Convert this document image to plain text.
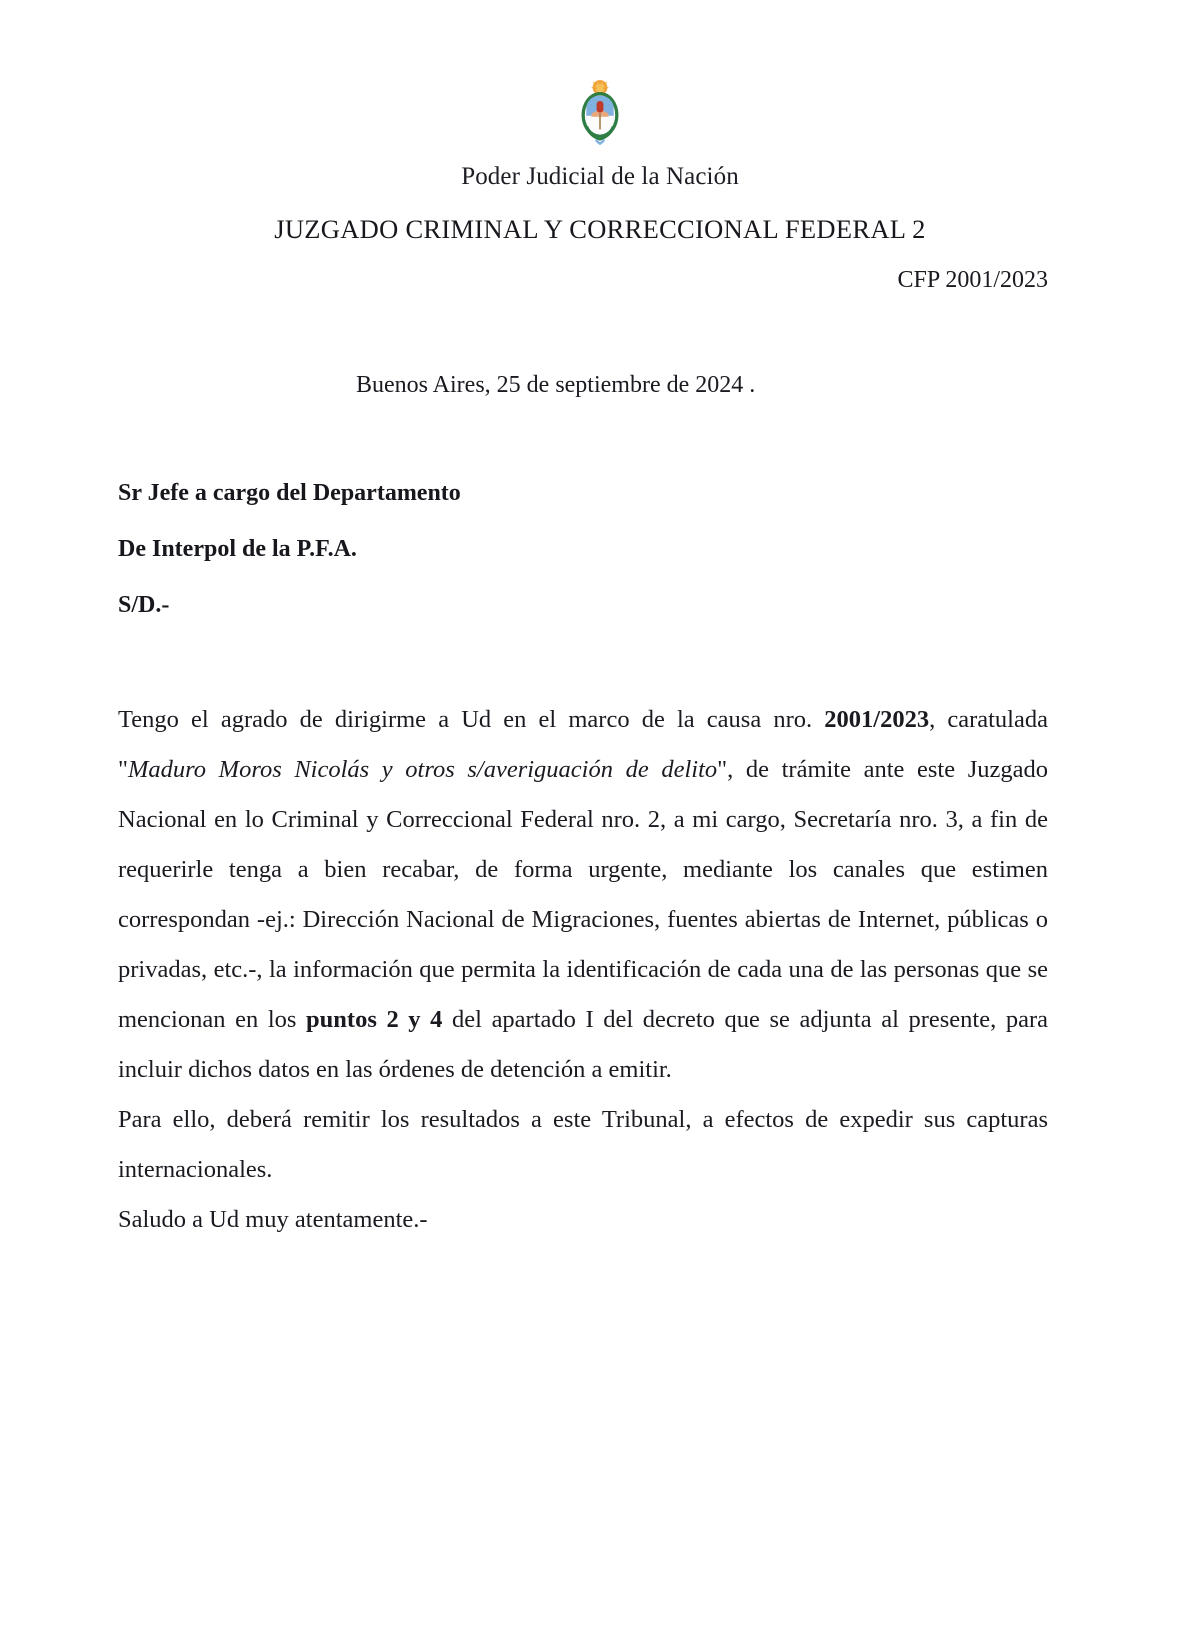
Poder Judicial de la Nación
JUZGADO CRIMINAL Y CORRECCIONAL FEDERAL 2
CFP 2001/2023
Buenos Aires, 25 de septiembre de 2024 .
Sr Jefe a cargo del Departamento
De Interpol de la P.F.A.
S/D.-

Tengo el agrado de dirigirme a Ud en el marco de la causa nro. 2001/2023, caratulada "Maduro Moros Nicolás y otros s/averiguación de delito", de trámite ante este Juzgado Nacional en lo Criminal y Correccional Federal nro. 2, a mi cargo, Secretaría nro. 3, a fin de requerirle tenga a bien recabar, de forma urgente, mediante los canales que estimen correspondan -ej.: Dirección Nacional de Migraciones, fuentes abiertas de Internet, públicas o privadas, etc.-, la información que permita la identificación de cada una de las personas que se mencionan en los puntos 2 y 4 del apartado I del decreto que se adjunta al presente, para incluir dichos datos en las órdenes de detención a emitir.

Para ello, deberá remitir los resultados a este Tribunal, a efectos de expedir sus capturas internacionales.

Saludo a Ud muy atentamente.-
